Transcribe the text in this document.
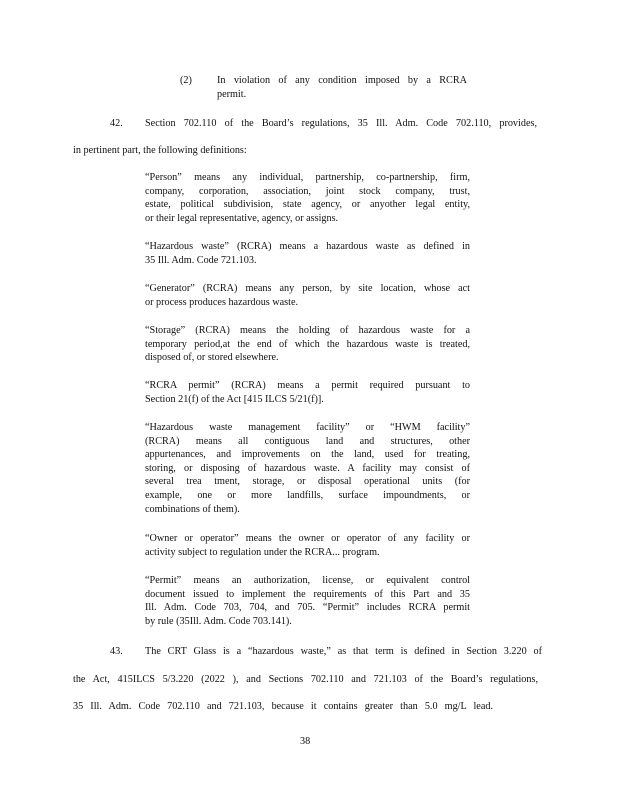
(2) In violation of any condition imposed by a RCRA
permit.
42. Section 702.110 of the Board’s regulations, 35 Ill. Adm. Code 702.110, provides,
in pertinent part, the following definitions:

“Person” means any individual, partnership, co-partnership, firm,

company, corporation, association, joint stock company, trust,

estate, political subdivision, state agency, or anyother legal entity,

or their legal representative, agency, or assigns.

“Hazardous waste” (RCRA) means a hazardous waste as defined in

35 Ill. Adm. Code 721.103.

“Generator” (RCRA) means any person, by site location, whose act

or process produces hazardous waste.

“Storage” (RCRA) means the holding of hazardous waste for a

temporary period,at the end of which the hazardous waste is treated,

disposed of, or stored elsewhere.

“RCRA permit” (RCRA) means a permit required pursuant to

Section 21(f) of the Act [415 ILCS 5/21(f)].

“Hazardous waste management facility” or “HWM facility”

(RCRA) means all contiguous land and structures, other

appurtenances, and improvements on the land, used for treating,

storing, or disposing of hazardous waste. A facility may consist of

several trea tment, storage, or disposal operational units (for

example, one or more landfills, surface impoundments, or

combinations of them).

“Owner or operator” means the owner or operator of any facility or

activity subject to regulation under the RCRA... program.

“Permit” means an authorization, license, or equivalent control

document issued to implement the requirements of this Part and 35

Ill. Adm. Code 703, 704, and 705. “Permit” includes RCRA permit

by rule (35Ill. Adm. Code 703.141).

43. The CRT Glass is a “hazardous waste,” as that term is defined in Section 3.220 of
the Act, 415ILCS 5/3.220 (2022 ), and Sections 702.110 and 721.103 of the Board’s regulations,
35 Ill. Adm. Code 702.110 and 721.103, because it contains greater than 5.0 mg/L lead.
38
